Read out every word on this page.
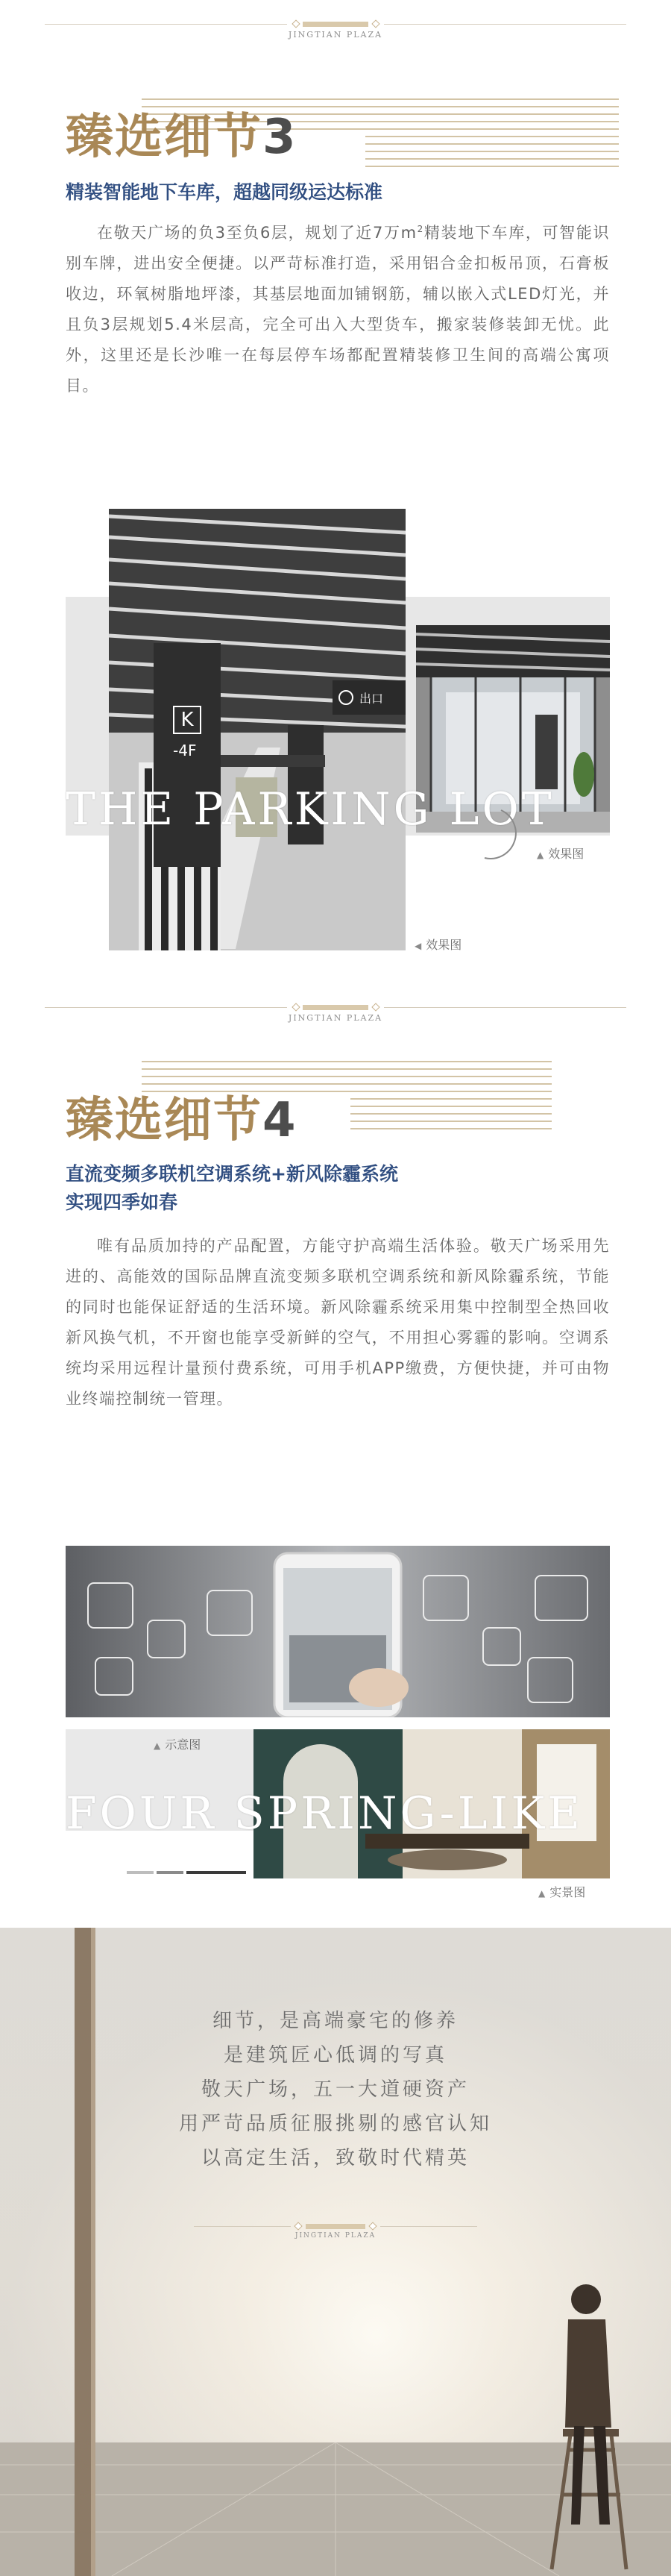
JINGTIAN PLAZA
臻选细节3
精装智能地下车库，超越同级运达标准
在敬天广场的负3至负6层，规划了近7万$m^2$精装地下车库，可智能识别车牌，进出安全便捷。以严苛标准打造，采用铝合金扣板吊顶，石膏板收边，环氧树脂地坪漆，其基层地面加铺钢筋，辅以嵌入式LED灯光，并且负3层规划5.4米层高，完全可出入大型货车，搬家装修装卸无忧。此外，这里还是长沙唯一在每层停车场都配置精装修卫生间的高端公寓项目。
K
-4F
出口
THE PARKING LOT
▲ 效果图
◀ 效果图
JINGTIAN PLAZA
臻选细节4
直流变频多联机空调系统+新风除霾系统
实现四季如春
唯有品质加持的产品配置，方能守护高端生活体验。敬天广场采用先进的、高能效的国际品牌直流变频多联机空调系统和新风除霾系统，节能的同时也能保证舒适的生活环境。新风除霾系统采用集中控制型全热回收新风换气机，不开窗也能享受新鲜的空气，不用担心雾霾的影响。空调系统均采用远程计量预付费系统，可用手机APP缴费，方便快捷，并可由物业终端控制统一管理。
▲ 示意图
FOUR SPRING-LIKE
▲ 实景图
细节，是高端豪宅的修养
是建筑匠心低调的写真
敬天广场，五一大道硬资产
用严苛品质征服挑剔的感官认知
以高定生活，致敬时代精英
JINGTIAN PLAZA
